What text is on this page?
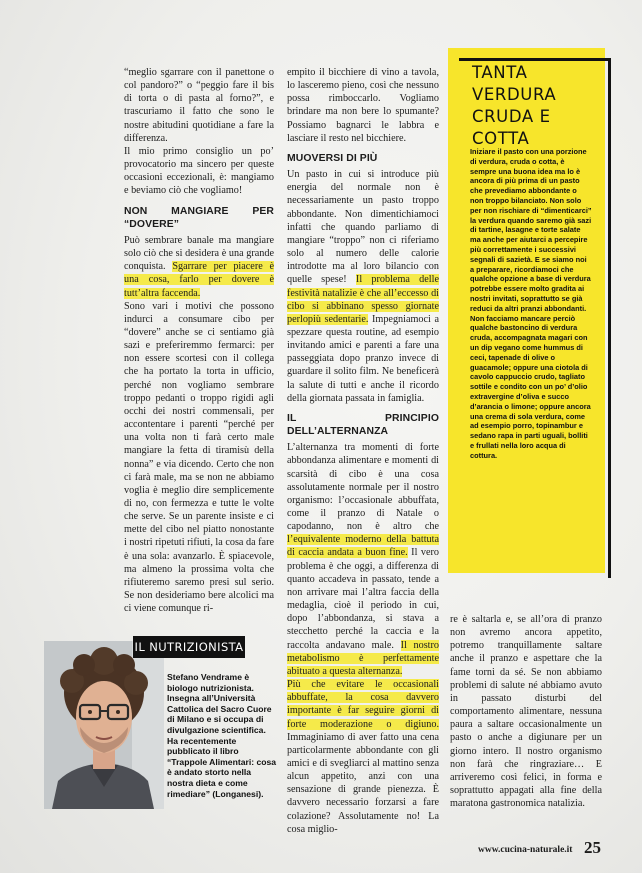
“meglio sgarrare con il panettone o col pandoro?” o “peggio fare il bis di torta o di pasta al forno?”, e trascuriamo il fatto che sono le nostre abitudini quotidiane a fare la differenza.

Il mio primo consiglio un po’ provocatorio ma sincero per queste occasioni eccezionali, è: mangiamo e beviamo ciò che vogliamo!

NON MANGIARE PER “DOVERE”

Può sembrare banale ma mangiare solo ciò che si desidera è una grande conquista. Sgarrare per piacere è una cosa, farlo per dovere è tutt’altra faccenda.

Sono vari i motivi che possono indurci a consumare cibo per “dovere” anche se ci sentiamo già sazi e preferiremmo fermarci: per non essere scortesi con il collega che ha portato la torta in ufficio, perché non vogliamo sembrare troppo pedanti o troppo rigidi agli occhi dei nostri commensali, per accontentare i parenti “perché per una volta non ti farà certo male mangiare la fetta di tiramisù della nonna” e via dicendo. Certo che non ci farà male, ma se non ne abbiamo voglia è meglio dire semplicemente di no, con fermezza e tutte le volte che serve. Se un parente insiste e ci mette del cibo nel piatto nonostante i nostri ripetuti rifiuti, la cosa da fare è una sola: avanzarlo. È spiacevole, ma almeno la prossima volta che rifiuteremo saremo presi sul serio. Se non desideriamo bere alcolici ma ci viene comunque ri-

empito il bicchiere di vino a tavola, lo lasceremo pieno, così che nessuno possa rimboccarlo. Vogliamo brindare ma non bere lo spumante? Possiamo bagnarci le labbra e lasciare il resto nel bicchiere.

MUOVERSI DI PIÙ

Un pasto in cui si introduce più energia del normale non è necessariamente un pasto troppo abbondante. Non dimentichiamoci infatti che quando parliamo di mangiare “troppo” non ci riferiamo solo al numero delle calorie introdotte ma al loro bilancio con quelle spese! Il problema delle festività natalizie è che all’eccesso di cibo si abbinano spesso giornate perlopiù sedentarie. Impegniamoci a spezzare questa routine, ad esempio invitando amici e parenti a fare una passeggiata dopo pranzo invece di guardare il solito film. Ne beneficerà la salute di tutti e anche il ricordo della giornata passata in famiglia.

IL PRINCIPIO DELL’ALTERNANZA

L’alternanza tra momenti di forte abbondanza alimentare e momenti di scarsità di cibo è una cosa assolutamente normale per il nostro organismo: l’occasionale abbuffata, come il pranzo di Natale o capodanno, non è altro che l’equivalente moderno della battuta di caccia andata a buon fine. Il vero problema è che oggi, a differenza di quanto accadeva in passato, tende a non arrivare mai l’altra faccia della medaglia, cioè il periodo in cui, dopo l’abbondanza, si stava a stecchetto perché la caccia e la raccolta andavano male. Il nostro metabolismo è perfettamente abituato a questa alternanza.

Più che evitare le occasionali abbuffate, la cosa davvero importante è far seguire giorni di forte moderazione o digiuno. Immaginiamo di aver fatto una cena particolarmente abbondante con gli amici e di svegliarci al mattino senza alcun appetito, anzi con una sensazione di grande pienezza. È davvero necessario forzarsi a fare colazione? Assolutamente no! La cosa miglio-

re è saltarla e, se all’ora di pranzo non avremo ancora appetito, potremo tranquillamente saltare anche il pranzo e aspettare che la fame torni da sé. Se non abbiamo problemi di salute né abbiamo avuto in passato disturbi del comportamento alimentare, nessuna paura a saltare occasionalmente un pasto o anche a digiunare per un giorno intero. Il nostro organismo non farà che ringraziare… E arriveremo così felici, in forma e soprattutto appagati alla fine della maratona gastronomica natalizia.

TANTA VERDURA CRUDA E COTTA

Iniziare il pasto con una porzione di verdura, cruda o cotta, è sempre una buona idea ma lo è ancora di più prima di un pasto che prevediamo abbondante o non troppo bilanciato. Non solo per non rischiare di “dimenticarci” la verdura quando saremo già sazi di tartine, lasagne e torte salate ma anche per aiutarci a percepire più correttamente i successivi segnali di sazietà. E se siamo noi a preparare, ricordiamoci che qualche opzione a base di verdura potrebbe essere molto gradita ai nostri invitati, soprattutto se già reduci da altri pranzi abbondanti. Non facciamo mancare perciò qualche bastoncino di verdura cruda, accompagnata magari con un dip vegano come hummus di ceci, tapenade di olive o guacamole; oppure una ciotola di cavolo cappuccio crudo, tagliato sottile e condito con un po’ d’olio extravergine d’oliva e succo d’arancia o limone; oppure ancora una crema di sola verdura, come ad esempio porro, topinambur e sedano rapa in parti uguali, bolliti e frullati nella loro acqua di cottura.

IL NUTRIZIONISTA

Stefano Vendrame è biologo nutrizionista. Insegna all’Università Cattolica del Sacro Cuore di Milano e si occupa di divulgazione scientifica. Ha recentemente pubblicato il libro “Trappole Alimentari: cosa è andato storto nella nostra dieta e come rimediare” (Longanesi).

www.cucina-naturale.it 25
